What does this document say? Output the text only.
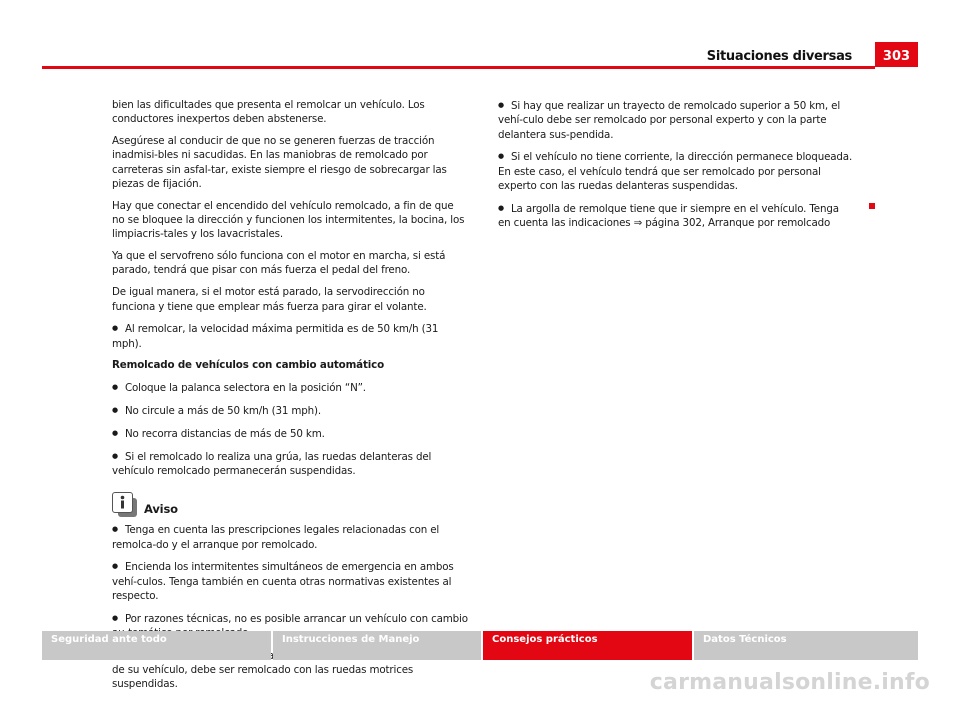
Situaciones diversas	303

bien las dificultades que presenta el remolcar un vehículo. Los conductores inexpertos deben abstenerse.

Asegúrese al conducir de que no se generen fuerzas de tracción inadmisi-bles ni sacudidas. En las maniobras de remolcado por carreteras sin asfal-tar, existe siempre el riesgo de sobrecargar las piezas de fijación.

Hay que conectar el encendido del vehículo remolcado, a fin de que no se bloquee la dirección y funcionen los intermitentes, la bocina, los limpiacris-tales y los lavacristales.

Ya que el servofreno sólo funciona con el motor en marcha, si está parado, tendrá que pisar con más fuerza el pedal del freno.

De igual manera, si el motor está parado, la servodirección no funciona y tiene que emplear más fuerza para girar el volante.

● Al remolcar, la velocidad máxima permitida es de 50 km/h (31 mph).

Remolcado de vehículos con cambio automático

● Coloque la palanca selectora en la posición “N”.

● No circule a más de 50 km/h (31 mph).

● No recorra distancias de más de 50 km.

● Si el remolcado lo realiza una grúa, las ruedas delanteras del vehículo remolcado permanecerán suspendidas.

Aviso

● Tenga en cuenta las prescripciones legales relacionadas con el remolca-do y el arranque por remolcado.

● Encienda los intermitentes simultáneos de emergencia en ambos vehí-culos. Tenga también en cuenta otras normativas existentes al respecto.

● Por razones técnicas, no es posible arrancar un vehículo con cambio

● de su vehículo, debe ser remolcado con las ruedas motrices suspendidas.

● Si hay que realizar un trayecto de remolcado superior a 50 km, el vehí-culo debe ser remolcado por personal experto y con la parte delantera sus-pendida.

● Si el vehículo no tiene corriente, la dirección permanece bloqueada. En este caso, el vehículo tendrá que ser remolcado por personal experto con las ruedas delanteras suspendidas.

● La argolla de remolque tiene que ir siempre en el vehículo. Tenga en cuenta las indicaciones ⇒ página 302, Arranque por remolcado

Seguridad ante todo	Instrucciones de Manejo	Consejos prácticos	Datos Técnicos
carmanualsonline.info
